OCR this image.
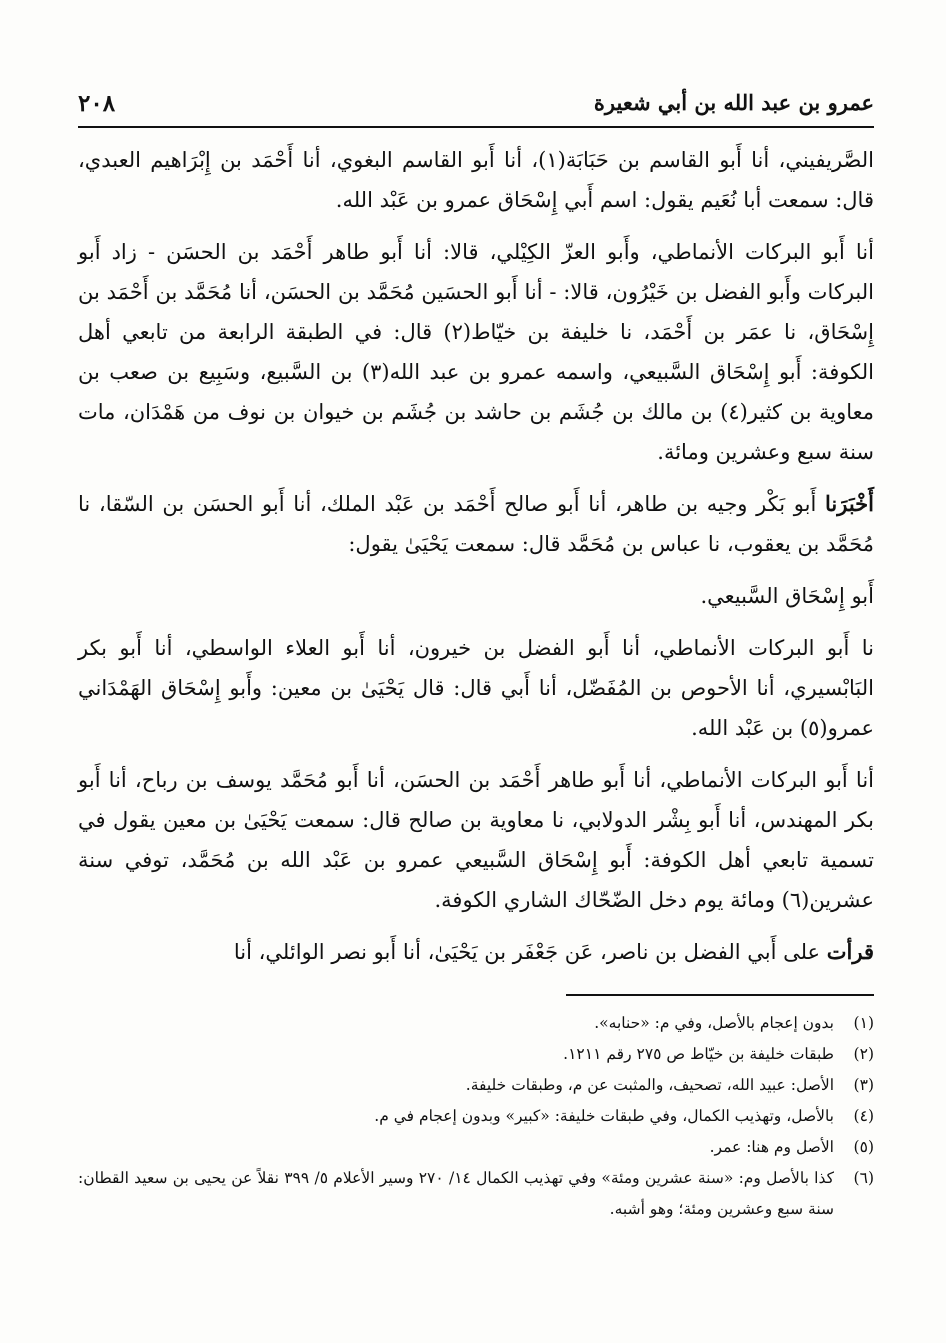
عمرو بن عبد الله بن أبي شعيرة
٢٠٨

الصَّريفيني، أنا أَبو القاسم بن حَبَابَة(١)، أنا أَبو القاسم البغوي، أنا أَحْمَد بن إِبْرَاهيم العبدي، قال: سمعت أبا نُعَيم يقول: اسم أَبي إِسْحَاق عمرو بن عَبْد الله.

أنا أَبو البركات الأنماطي، وأَبو العزّ الكِيْلي، قالا: أنا أَبو طاهر أَحْمَد بن الحسَن - زاد أَبو البركات وأَبو الفضل بن خَيْرُون، قالا: - أنا أَبو الحسَين مُحَمَّد بن الحسَن، أنا مُحَمَّد بن أَحْمَد بن إِسْحَاق، نا عمَر بن أَحْمَد، نا خليفة بن خيّاط(٢) قال: في الطبقة الرابعة من تابعي أهل الكوفة: أَبو إِسْحَاق السَّبيعي، واسمه عمرو بن عبد الله(٣) بن السَّبيع، وسَبِيع بن صعب بن معاوية بن كثير(٤) بن مالك بن جُشَم بن حاشد بن جُشَم بن خيوان بن نوف من هَمْدَان، مات سنة سبع وعشرين ومائة.

أَخْبَرَنا أَبو بَكْر وجيه بن طاهر، أنا أَبو صالح أَحْمَد بن عَبْد الملك، أنا أَبو الحسَن بن السّقا، نا مُحَمَّد بن يعقوب، نا عباس بن مُحَمَّد قال: سمعت يَحْيَىٰ يقول:

أَبو إِسْحَاق السَّبيعي.

نا أَبو البركات الأنماطي، أنا أَبو الفضل بن خيرون، أنا أَبو العلاء الواسطي، أنا أَبو بكر البَابْسيري، أنا الأحوص بن المُفَضّل، أنا أَبي قال: قال يَحْيَىٰ بن معين: وأَبو إِسْحَاق الهَمْدَاني عمرو(٥) بن عَبْد الله.

أنا أَبو البركات الأنماطي، أنا أَبو طاهر أَحْمَد بن الحسَن، أنا أَبو مُحَمَّد يوسف بن رباح، أنا أَبو بكر المهندس، أنا أَبو بِشْر الدولابي، نا معاوية بن صالح قال: سمعت يَحْيَىٰ بن معين يقول في تسمية تابعي أهل الكوفة: أَبو إِسْحَاق السَّبيعي عمرو بن عَبْد الله بن مُحَمَّد، توفي سنة عشرين(٦) ومائة يوم دخل الضّحّاك الشاري الكوفة.

قرأت على أَبي الفضل بن ناصر، عَن جَعْفَر بن يَحْيَىٰ، أنا أَبو نصر الوائلي، أنا

(١)
بدون إعجام بالأصل، وفي م: «حنابه».
(٢)
طبقات خليفة بن خيّاط ص ٢٧٥ رقم ١٢١١.
(٣)
الأصل: عبيد الله، تصحيف، والمثبت عن م، وطبقات خليفة.
(٤)
بالأصل، وتهذيب الكمال، وفي طبقات خليفة: «كبير» وبدون إعجام في م.
(٥)
الأصل وم هنا: عمر.
(٦)
كذا بالأصل وم: «سنة عشرين ومئة» وفي تهذيب الكمال ١٤/ ٢٧٠ وسير الأعلام ٥/ ٣٩٩ نقلاً عن يحيى بن سعيد القطان: سنة سبع وعشرين ومئة؛ وهو أشبه.
